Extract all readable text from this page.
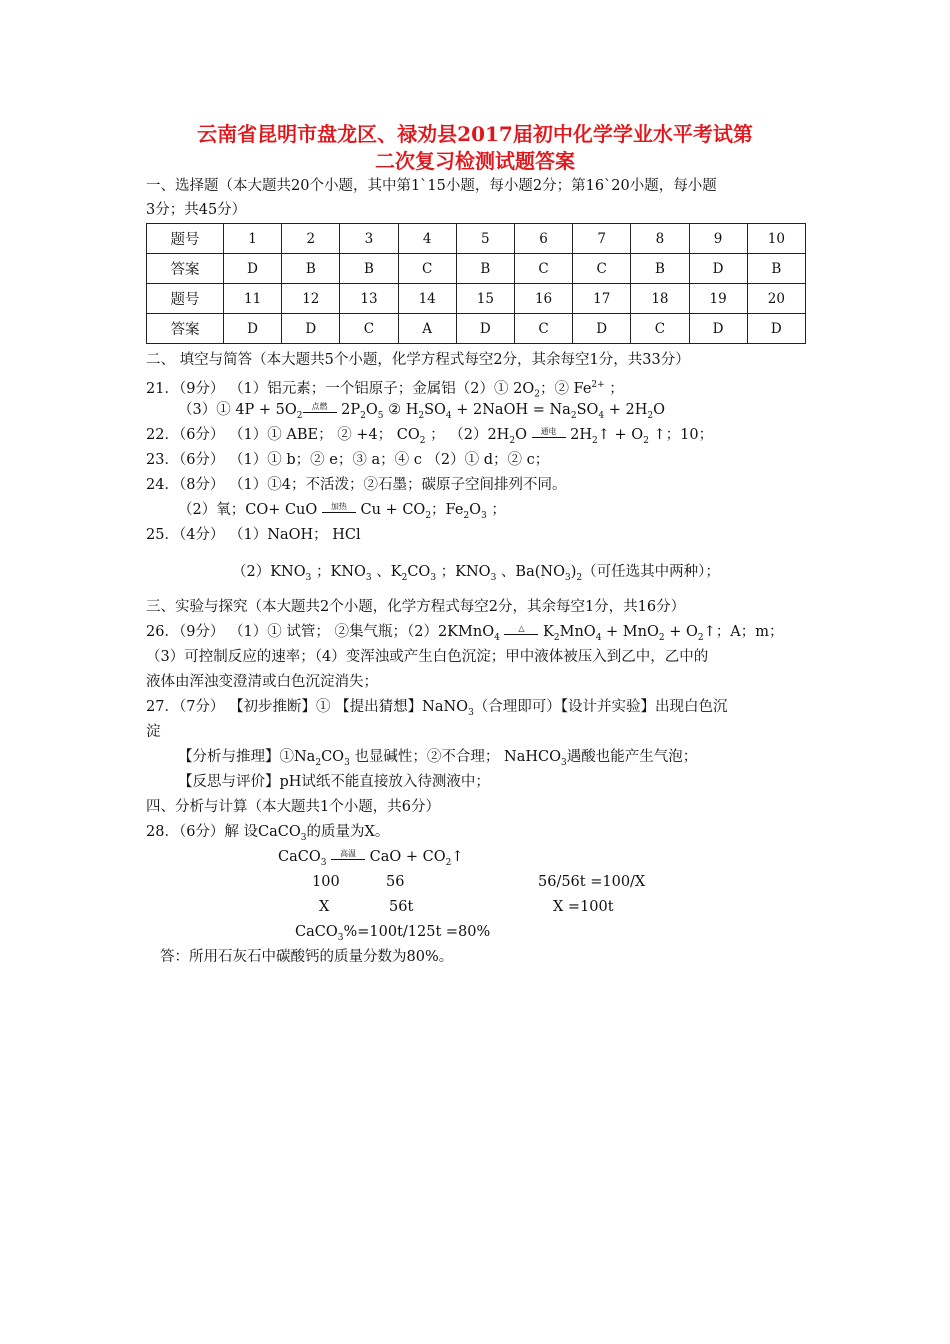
云南省昆明市盘龙区、禄劝县2017届初中化学学业水平考试第
二次复习检测试题答案
一、选择题（本大题共20个小题，其中第1`15小题，每小题2分；第16`20小题，每小题
3分；共45分）
题号	1	2	3	4	5	6	7	8	9	10
答案	D	B	B	C	B	C	C	B	D	B
题号	11	12	13	14	15	16	17	18	19	20
答案	D	D	C	A	D	C	D	C	D	D
二、 填空与简答（本大题共5个小题，化学方程式每空2分，其余每空1分，共33分）
21．（9分） （1）铝元素；一个铝原子；金属铝（2）① $2O_2$；② $Fe^{2+}$ ；
（3）① $4P + 5O_2$
点燃 $2P_2O_5$ ② $H_2SO_4$ + 2NaOH = $Na_2SO_4 + 2H_2O$
22．（6分） （1）① ABE； ② +4； $CO_2$ ； $(2)2H_2O$	通电 $2H_2↑ + O_2$ ↑；10；
23．（6分） （1）① b；② e；③ a；④ c （2）① d；② c；
24．（8分） （1）①4；不活泼；②石墨；碳原子空间排列不同。
（2）氧；CO+ CuO	加热 $Cu + CO_2$；$Fe_2O_3$ ；
25．（4分） （1）NaOH； HCl
$(2)KNO_3$ ；$KNO_3$ 、$K_2CO_3$ ；$KNO_3$ 、$Ba(NO_3)_2$（可任选其中两种）；
三、实验与探究（本大题共2个小题，化学方程式每空2分，其余每空1分，共16分）
26．（9分） （1）① 试管； ②集气瓶；（2）2KMnO$_4$
△ $K_2MnO_4 + MnO_2$ + $O_2↑$；A；m；
（3）可控制反应的速率；（4）变浑浊或产生白色沉淀；甲中液体被压入到乙中，乙中的
液体由浑浊变澄清或白色沉淀消失；
27．（7分） 【初步推断】① 【提出猜想】NaNO$_3$（合理即可）【设计并实验】出现白色沉
淀
【分析与推理】$①Na_2CO_3$ 也显碱性；②不合理； NaHCO$_3$遇酸也能产生气泡；
【反思与评价】pH试纸不能直接放入待测液中；
四、分析与计算（本大题共1个小题，共6分）
28．（6分）解 设CaCO$_3$的质量为X。
CaCO$_3$
高温 CaO + $CO_2↑$
100	56	56/56t =100/X
X	56t	X =100t
CaCO$_3$%=100t/125t =80%
答：所用石灰石中碳酸钙的质量分数为80%。
